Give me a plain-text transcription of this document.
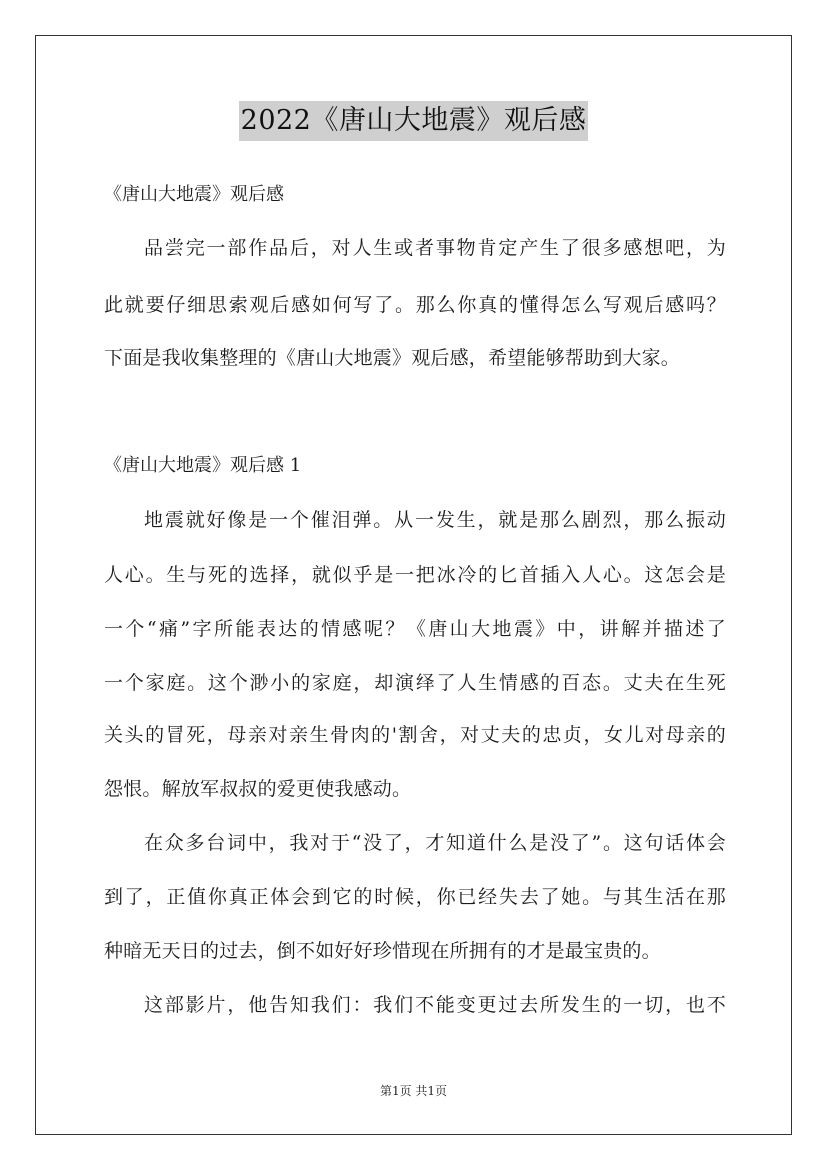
2022《唐山大地震》观后感
《唐山大地震》观后感
品尝完一部作品后，对人生或者事物肯定产生了很多感想吧，为
此就要仔细思索观后感如何写了。那么你真的懂得怎么写观后感吗？
下面是我收集整理的《唐山大地震》观后感，希望能够帮助到大家。
《唐山大地震》观后感 1
地震就好像是一个催泪弹。从一发生，就是那么剧烈，那么振动
人心。生与死的选择，就似乎是一把冰冷的匕首插入人心。这怎会是
一个“痛”字所能表达的情感呢？《唐山大地震》中，讲解并描述了
一个家庭。这个渺小的家庭，却演绎了人生情感的百态。丈夫在生死
关头的冒死，母亲对亲生骨肉的'割舍，对丈夫的忠贞，女儿对母亲的
怨恨。解放军叔叔的爱更使我感动。
在众多台词中，我对于“没了，才知道什么是没了”。这句话体会
到了，正值你真正体会到它的时候，你已经失去了她。与其生活在那
种暗无天日的过去，倒不如好好珍惜现在所拥有的才是最宝贵的。
这部影片，他告知我们：我们不能变更过去所发生的一切，也不
第1页 共1页
